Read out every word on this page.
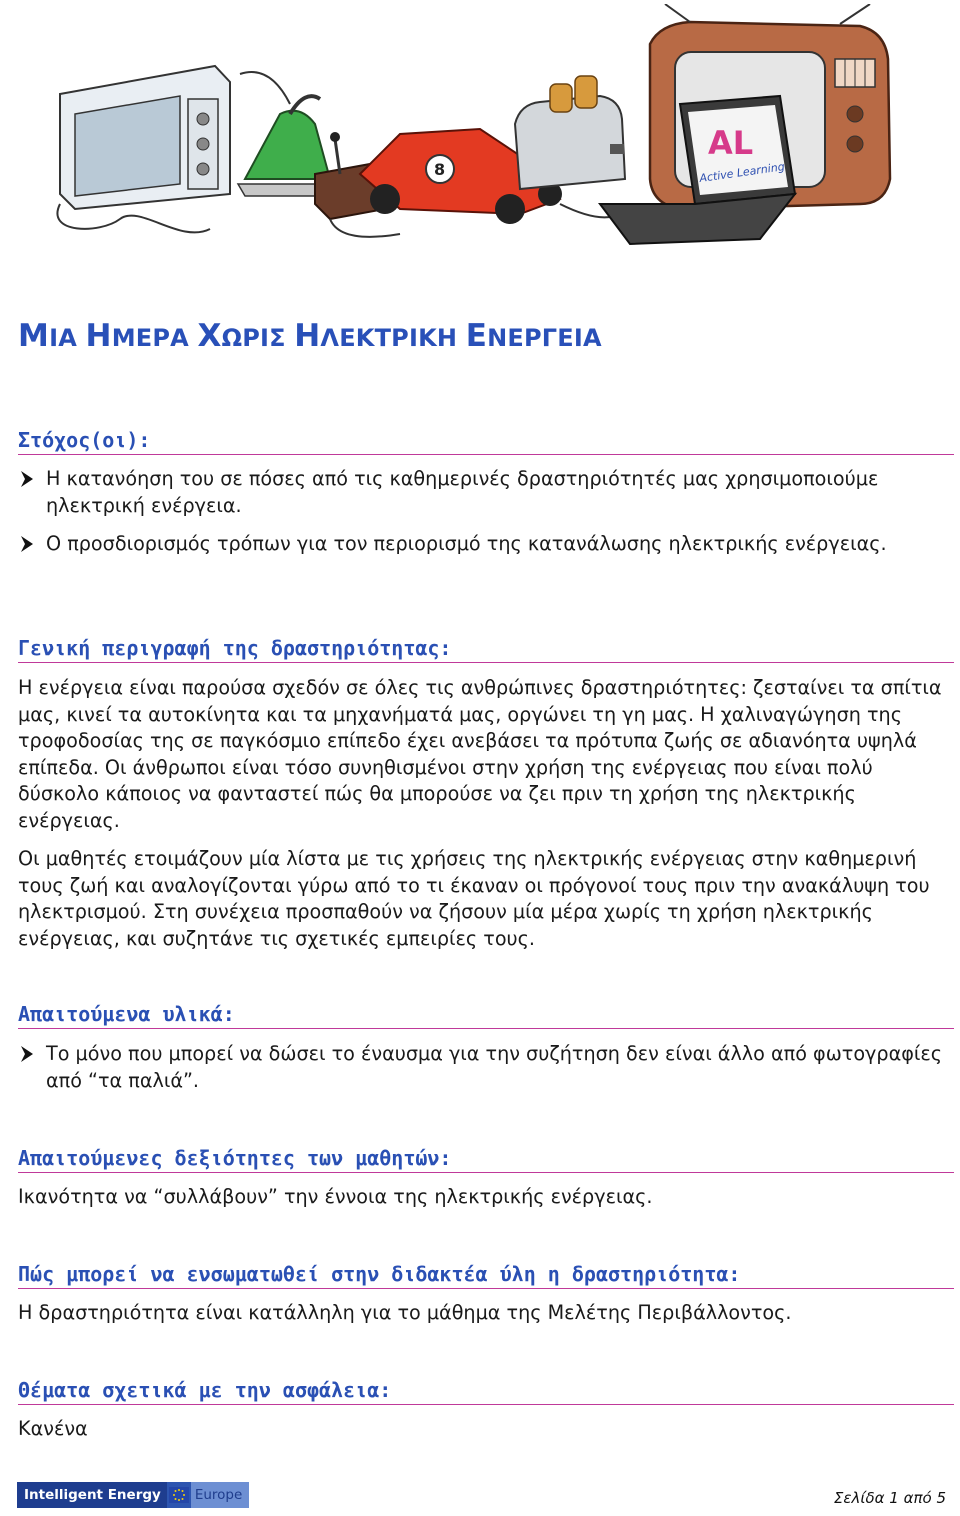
8
AL
Active Learning
ΜΙΑ ΗΜΕΡΑ ΧΩΡΙΣ ΗΛΕΚΤΡΙΚΗ ΕΝΕΡΓΕΙΑ
Στόχος(οι):
Η κατανόηση του σε πόσες από τις καθημερινές δραστηριότητές μας χρησιμοποιούμε ηλεκτρική ενέργεια.
Ο προσδιορισμός τρόπων για τον περιορισμό της κατανάλωσης ηλεκτρικής ενέργειας.
Γενική περιγραφή της δραστηριότητας:

Η ενέργεια είναι παρούσα σχεδόν σε όλες τις ανθρώπινες δραστηριότητες: ζεσταίνει τα σπίτια μας, κινεί τα αυτοκίνητα και τα μηχανήματά μας, οργώνει τη γη μας. Η χαλιναγώγηση της τροφοδοσίας της σε παγκόσμιο επίπεδο έχει ανεβάσει τα πρότυπα ζωής σε αδιανόητα υψηλά επίπεδα. Οι άνθρωποι είναι τόσο συνηθισμένοι στην χρήση της ενέργειας που είναι πολύ δύσκολο κάποιος να φανταστεί πώς θα μπορούσε να ζει πριν τη χρήση της ηλεκτρικής ενέργειας.

Οι μαθητές ετοιμάζουν μία λίστα με τις χρήσεις της ηλεκτρικής ενέργειας στην καθημερινή τους ζωή και αναλογίζονται γύρω από το τι έκαναν οι πρόγονοί τους πριν την ανακάλυψη του ηλεκτρισμού. Στη συνέχεια προσπαθούν να ζήσουν μία μέρα χωρίς τη χρήση ηλεκτρικής ενέργειας, και συζητάνε τις σχετικές εμπειρίες τους.

Απαιτούμενα υλικά:
Το μόνο που μπορεί να δώσει το έναυσμα για την συζήτηση δεν είναι άλλο από φωτογραφίες από “τα παλιά”.
Απαιτούμενες δεξιότητες των μαθητών:

Ικανότητα να “συλλάβουν” την έννοια της ηλεκτρικής ενέργειας.

Πώς μπορεί να ενσωματωθεί στην διδακτέα ύλη η δραστηριότητα:

Η δραστηριότητα είναι κατάλληλη για το μάθημα της Μελέτης Περιβάλλοντος.

Θέματα σχετικά με την ασφάλεια:

Κανένα

Intelligent Energy	Europe	Σελίδα 1 από 5
